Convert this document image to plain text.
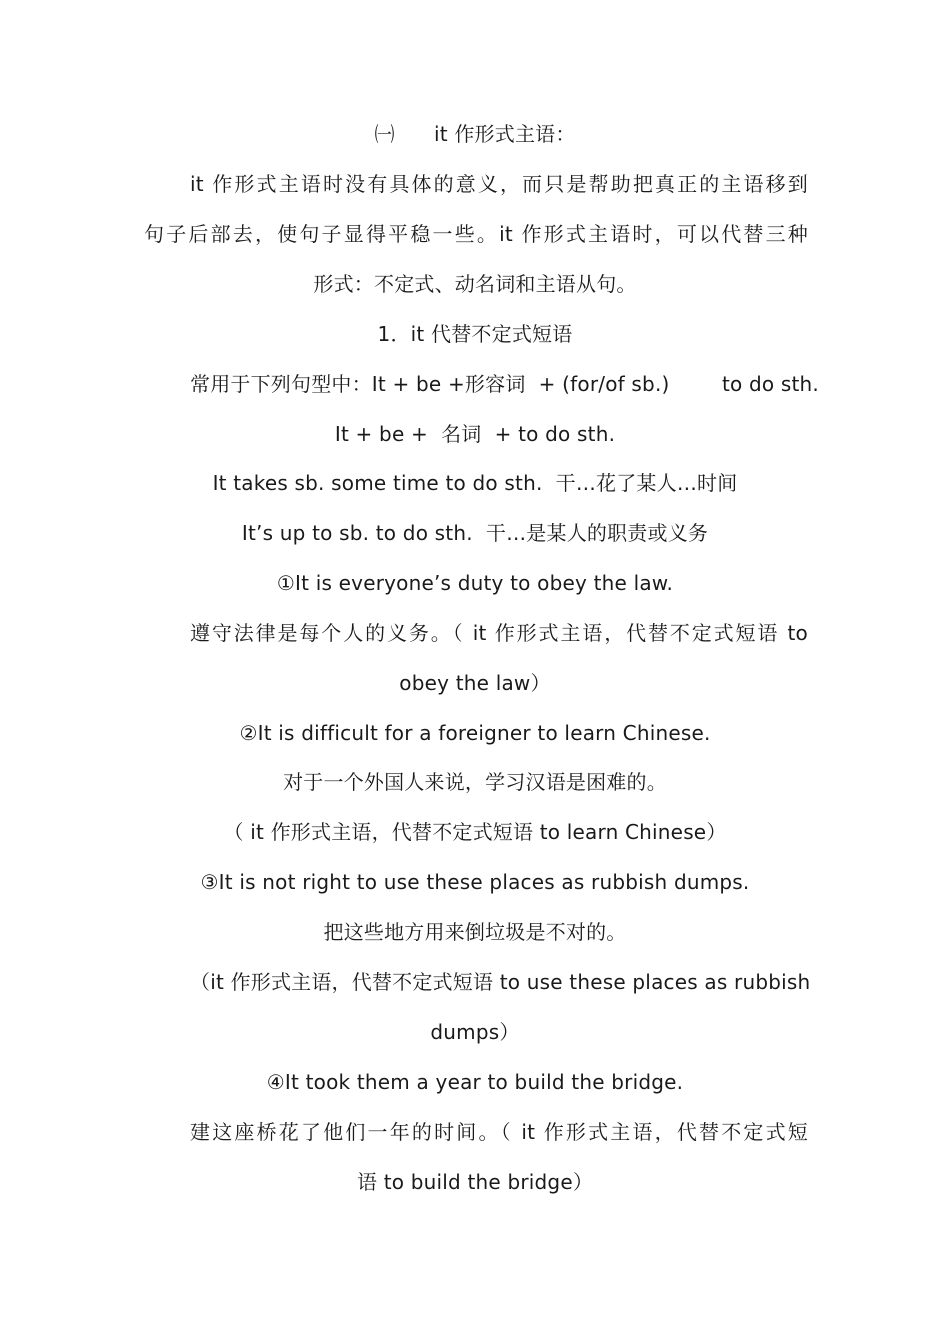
㈠      it 作形式主语：
it 作形式主语时没有具体的意义，而只是帮助把真正的主语移到
句子后部去，使句子显得平稳一些。it 作形式主语时，可以代替三种
形式：不定式、动名词和主语从句。
1．it 代替不定式短语
常用于下列句型中：It + be +形容词  + (for/of sb.)        to do sth.
It + be +  名词  + to do sth.
It takes sb. some time to do sth.  干…花了某人…时间
It’s up to sb. to do sth.  干…是某人的职责或义务
①It is everyone’s duty to obey the law.
遵守法律是每个人的义务。（ it 作形式主语，代替不定式短语 to
obey the law）
②It is difficult for a foreigner to learn Chinese.
对于一个外国人来说，学习汉语是困难的。
（ it 作形式主语，代替不定式短语 to learn Chinese）
③It is not right to use these places as rubbish dumps.
把这些地方用来倒垃圾是不对的。
（it 作形式主语，代替不定式短语 to use these places as rubbish
dumps）
④It took them a year to build the bridge.
建这座桥花了他们一年的时间。（ it 作形式主语，代替不定式短
语 to build the bridge）
